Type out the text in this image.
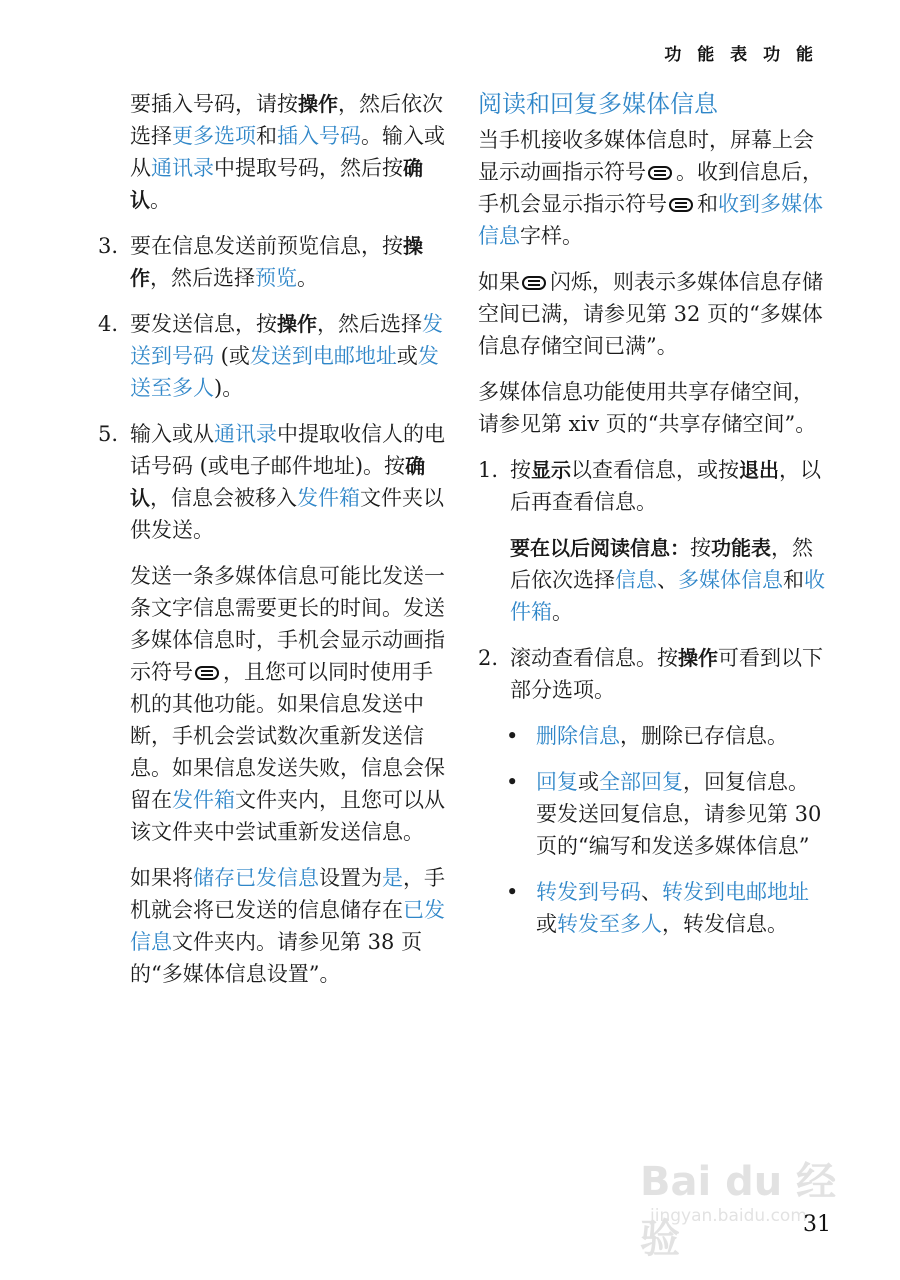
功 能 表 功 能

要插入号码，请按操作，然后依次选择更多选项和插入号码。输入或从通讯录中提取号码，然后按确认。

3. 要在信息发送前预览信息，按操作，然后选择预览。
4. 要发送信息，按操作，然后选择发送到号码 (或发送到电邮地址或发送至多人)。
5. 输入或从通讯录中提取收信人的电话号码 (或电子邮件地址)。按确认，信息会被移入发件箱文件夹以供发送。

发送一条多媒体信息可能比发送一条文字信息需要更长的时间。发送多媒体信息时，手机会显示动画指示符号 ，且您可以同时使用手机的其他功能。如果信息发送中断，手机会尝试数次重新发送信息。如果信息发送失败，信息会保留在发件箱文件夹内，且您可以从该文件夹中尝试重新发送信息。

如果将储存已发信息设置为是，手机就会将已发送的信息储存在已发信息文件夹内。请参见第 38 页的“多媒体信息设置”。

阅读和回复多媒体信息

当手机接收多媒体信息时，屏幕上会显示动画指示符号 。收到信息后，手机会显示指示符号 和收到多媒体信息字样。

如果 闪烁，则表示多媒体信息存储空间已满，请参见第 32 页的“多媒体信息存储空间已满”。

多媒体信息功能使用共享存储空间，请参见第 xiv 页的“共享存储空间”。

1. 按显示以查看信息，或按退出，以后再查看信息。
要在以后阅读信息：按功能表，然后依次选择信息、多媒体信息和收件箱。
2. 滚动查看信息。按操作可看到以下部分选项。
• 删除信息，删除已存信息。
• 回复或全部回复，回复信息。要发送回复信息，请参见第 30 页的“编写和发送多媒体信息”
• 转发到号码、转发到电邮地址或转发至多人，转发信息。
Bai du 经验
jingyan.baidu.com
31
